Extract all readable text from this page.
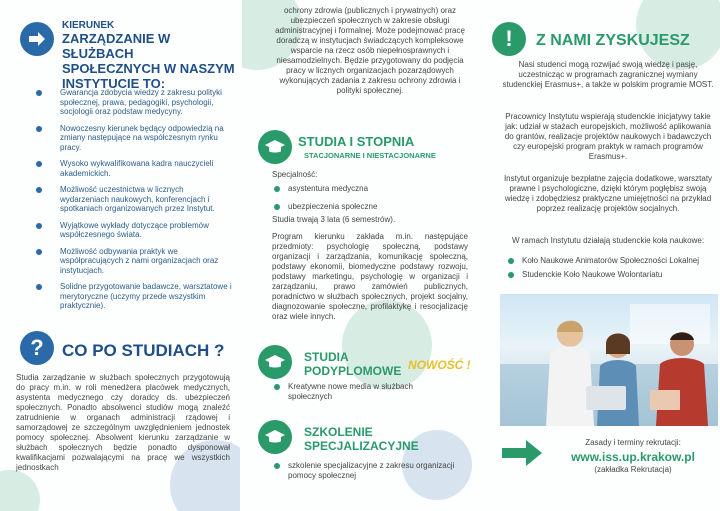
KIERUNEK
ZARZĄDZANIE W SŁUŻBACH
SPOŁECZNYCH W NASZYM
INSTYTUCIE TO:
Gwarancja zdobycia wiedzy z zakresu polityki społecznej, prawa, pedagogiki, psychologii, socjologii oraz podstaw medycyny.
Nowoczesny kierunek będący odpowiedzią na zmiany następujące na współczesnym rynku pracy.
Wysoko wykwalifikowana kadra nauczycieli akademickich.
Możliwość uczestnictwa w licznych wydarzeniach naukowych, konferencjach i spotkaniach organizowanych przez Instytut.
Wyjątkowe wykłady dotyczące problemów współczesnego świata.
Możliwość odbywania praktyk we współpracujących z nami organizacjach oraz instytucjach.
Solidne przygotowanie badawcze, warsztatowe i merytoryczne (uczymy przede wszystkim praktycznie).
?	CO PO STUDIACH ?

Studia zarządzanie w służbach społecznych przygotowują do pracy m.in. w roli menedżera placówek medycznych, asystenta medycznego czy doradcy ds. ubezpieczeń społecznych. Ponadto absolwenci studiów mogą znaleźć zatrudnienie w organach administracji rządowej i samorządowej ze szczególnym uwzględnieniem jednostek pomocy społecznej. Absolwent kierunku zarządzanie w służbach społecznych będzie ponadto dysponował kwalifikacjami pozwalającymi na pracę we wszystkich jednostkach

ochrony zdrowia (publicznych i prywatnych) oraz ubezpieczeń społecznych w zakresie obsługi administracyjnej i formalnej. Może podejmować pracę doradczą w instytucjach świadczących kompleksowe wsparcie na rzecz osób niepełnosprawnych i niesamodzielnych. Będzie przygotowany do podjęcia pracy w licznych organizacjach pozarządowych wykonujących zadania z zakresu ochrony zdrowia i polityki społecznej.

STUDIA I STOPNIA
STACJONARNE I NIESTACJONARNE
Specjalność:
asystentura medyczna
ubezpieczenia społeczne
Studia trwają 3 lata (6 semestrów).

Program kierunku zakłada m.in. następujące przedmioty: psychologię społeczną, podstawy organizacji i zarządzania, komunikację społeczną, podstawy ekonomii, biomedyczne podstawy rozwoju, podstawy marketingu, psychologię w organizacji i zarządzaniu, prawo zamówień publicznych, poradnictwo w służbach społecznych, projekt socjalny, diagnozowanie społeczne, profilaktykę i resocjalizację oraz wiele innych.

STUDIA
PODYPLOMOWE NOWOŚĆ !
Kreatywne nowe media w służbach społecznych
SZKOLENIE
SPECJALIZACYJNE
szkolenie specjalizacyjne z zakresu organizacji pomocy społecznej
!	Z NAMI ZYSKUJESZ

Nasi studenci mogą rozwijać swoją wiedzę i pasję, uczestnicząc w programach zagranicznej wymiany studenckiej Erasmus+, a także w polskim programie MOST.

Pracownicy Instytutu wspierają studenckie inicjatywy takie jak: udział w stażach europejskich, możliwość aplikowania do grantów, realizacje projektów naukowych i badawczych czy europejski program praktyk w ramach programów Erasmus+.

Instytut organizuje bezpłatne zajęcia dodatkowe, warsztaty prawne i psychologiczne, dzięki którym pogłębisz swoją wiedzę i zdobędziesz praktyczne umiejętności na przykład poprzez realizację projektów socjalnych.

W ramach Instytutu działają studenckie koła naukowe:

Koło Naukowe Animatorów Społeczności Lokalnej
Studenckie Koło Naukowe Wolontariatu
Zasady i terminy rekrutacji:
www.iss.up.krakow.pl
(zakładka Rekrutacja)
